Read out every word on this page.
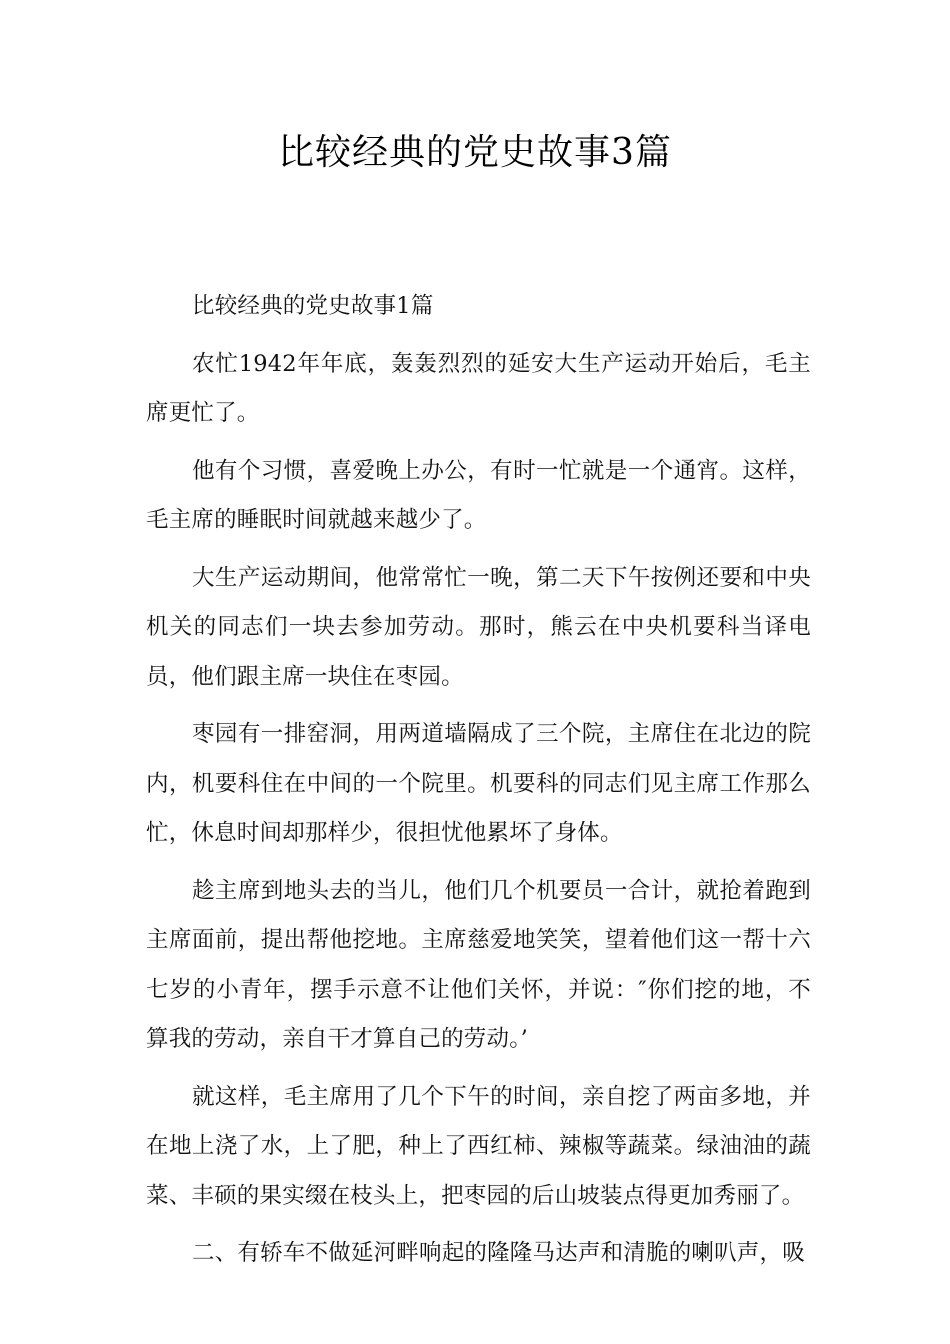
比较经典的党史故事3篇

比较经典的党史故事1篇

农忙1942年年底，轰轰烈烈的延安大生产运动开始后，毛主席更忙了。

他有个习惯，喜爱晚上办公，有时一忙就是一个通宵。这样，毛主席的睡眠时间就越来越少了。

大生产运动期间，他常常忙一晚，第二天下午按例还要和中央机关的同志们一块去参加劳动。那时，熊云在中央机要科当译电员，他们跟主席一块住在枣园。

枣园有一排窑洞，用两道墙隔成了三个院，主席住在北边的院内，机要科住在中间的一个院里。机要科的同志们见主席工作那么忙，休息时间却那样少，很担忧他累坏了身体。

趁主席到地头去的当儿，他们几个机要员一合计，就抢着跑到主席面前，提出帮他挖地。主席慈爱地笑笑，望着他们这一帮十六七岁的小青年，摆手示意不让他们关怀，并说：″你们挖的地，不算我的劳动，亲自干才算自己的劳动。’

就这样，毛主席用了几个下午的时间，亲自挖了两亩多地，并在地上浇了水，上了肥，种上了西红柿、辣椒等蔬菜。绿油油的蔬菜、丰硕的果实缀在枝头上，把枣园的后山坡装点得更加秀丽了。

二、有轿车不做延河畔响起的隆隆马达声和清脆的喇叭声，吸
